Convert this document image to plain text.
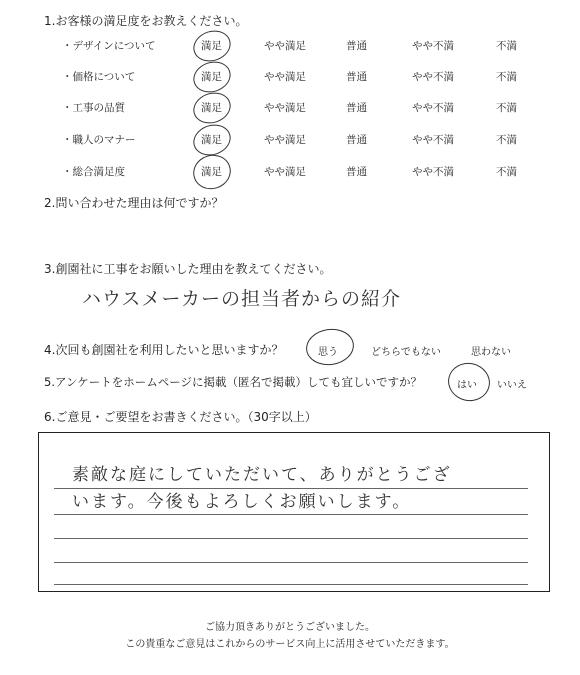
1.お客様の満足度をお教えください。
・デザインについて	満足	やや満足	普通	やや不満	不満
・価格について	満足	やや満足	普通	やや不満	不満
・工事の品質	満足	やや満足	普通	やや不満	不満
・職人のマナー	満足	やや満足	普通	やや不満	不満
・総合満足度	満足	やや満足	普通	やや不満	不満
2.問い合わせた理由は何ですか？
3.創園社に工事をお願いした理由を教えてください。
ハウスメーカーの担当者からの紹介
4.次回も創園社を利用したいと思いますか？	思う	どちらでもない	思わない
5.アンケートをホームページに掲載（匿名で掲載）しても宜しいですか？	はい いいえ
6.ご意見・ご要望をお書きください。（30字以上）
素敵な庭にしていただいて、ありがとうござ
います。今後もよろしくお願いします。
ご協力頂きありがとうございました。
この貴重なご意見はこれからのサービス向上に活用させていただきます。
